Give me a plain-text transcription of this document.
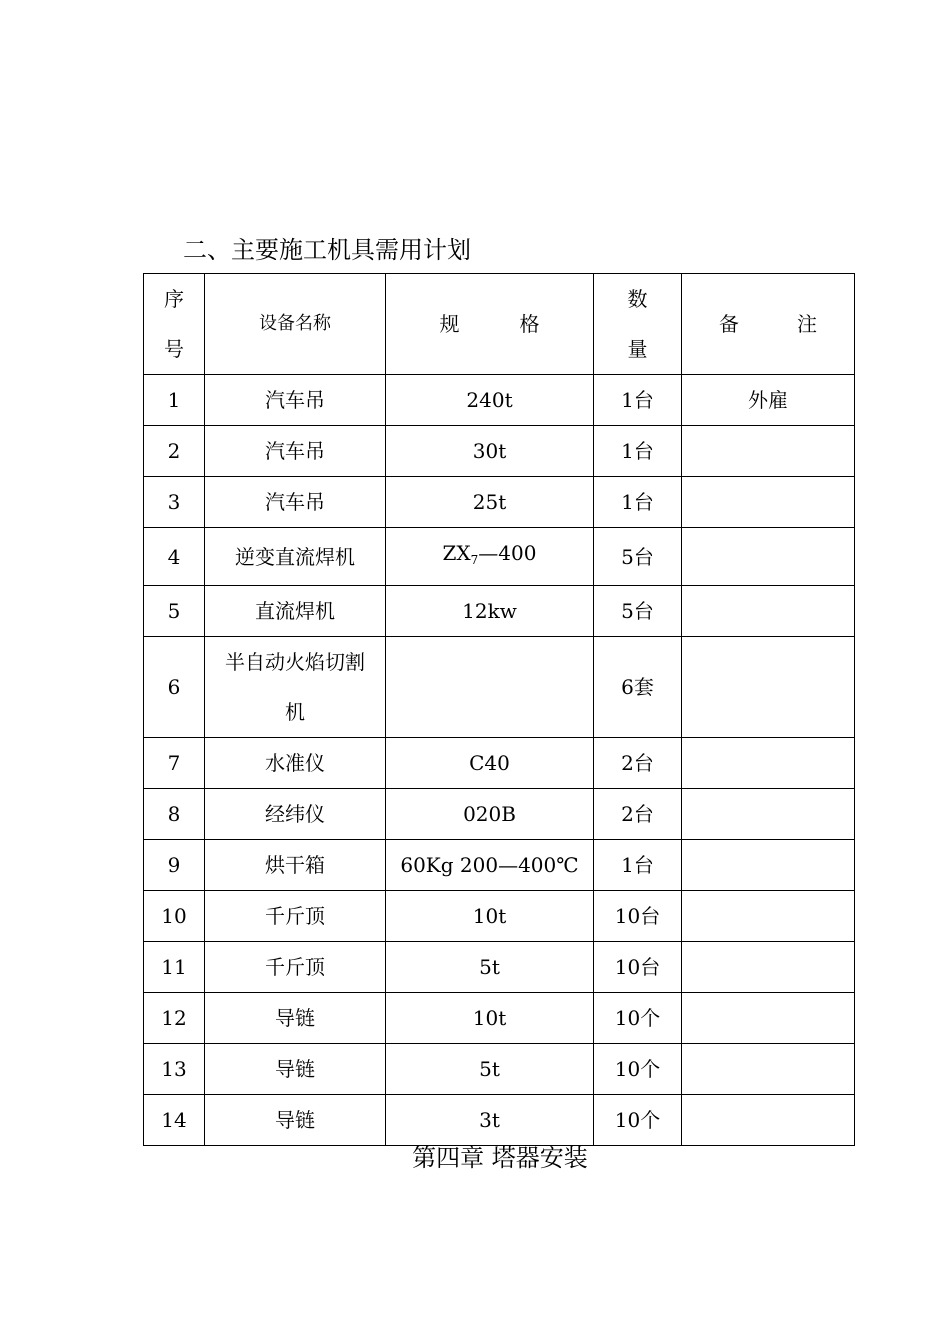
二、主要施工机具需用计划
序号	设备名称	规 格	数量	备 注

1	汽车吊	240t	1台	外雇
2	汽车吊	30t	1台	
3	汽车吊	25t	1台	
4	逆变直流焊机	$ZX_7—400$	5台	
5	直流焊机	12kw	5台	
6	半自动火焰切割机		6套	
7	水准仪	C40	2台	
8	经纬仪	020B	2台	
9	烘干箱	60Kg 200—400℃	1台	
10	千斤顶	10t	10台	
11	千斤顶	5t	10台	
12	导链	10t	10个	
13	导链	5t	10个	
14	导链	3t	10个	
第四章 塔器安装
